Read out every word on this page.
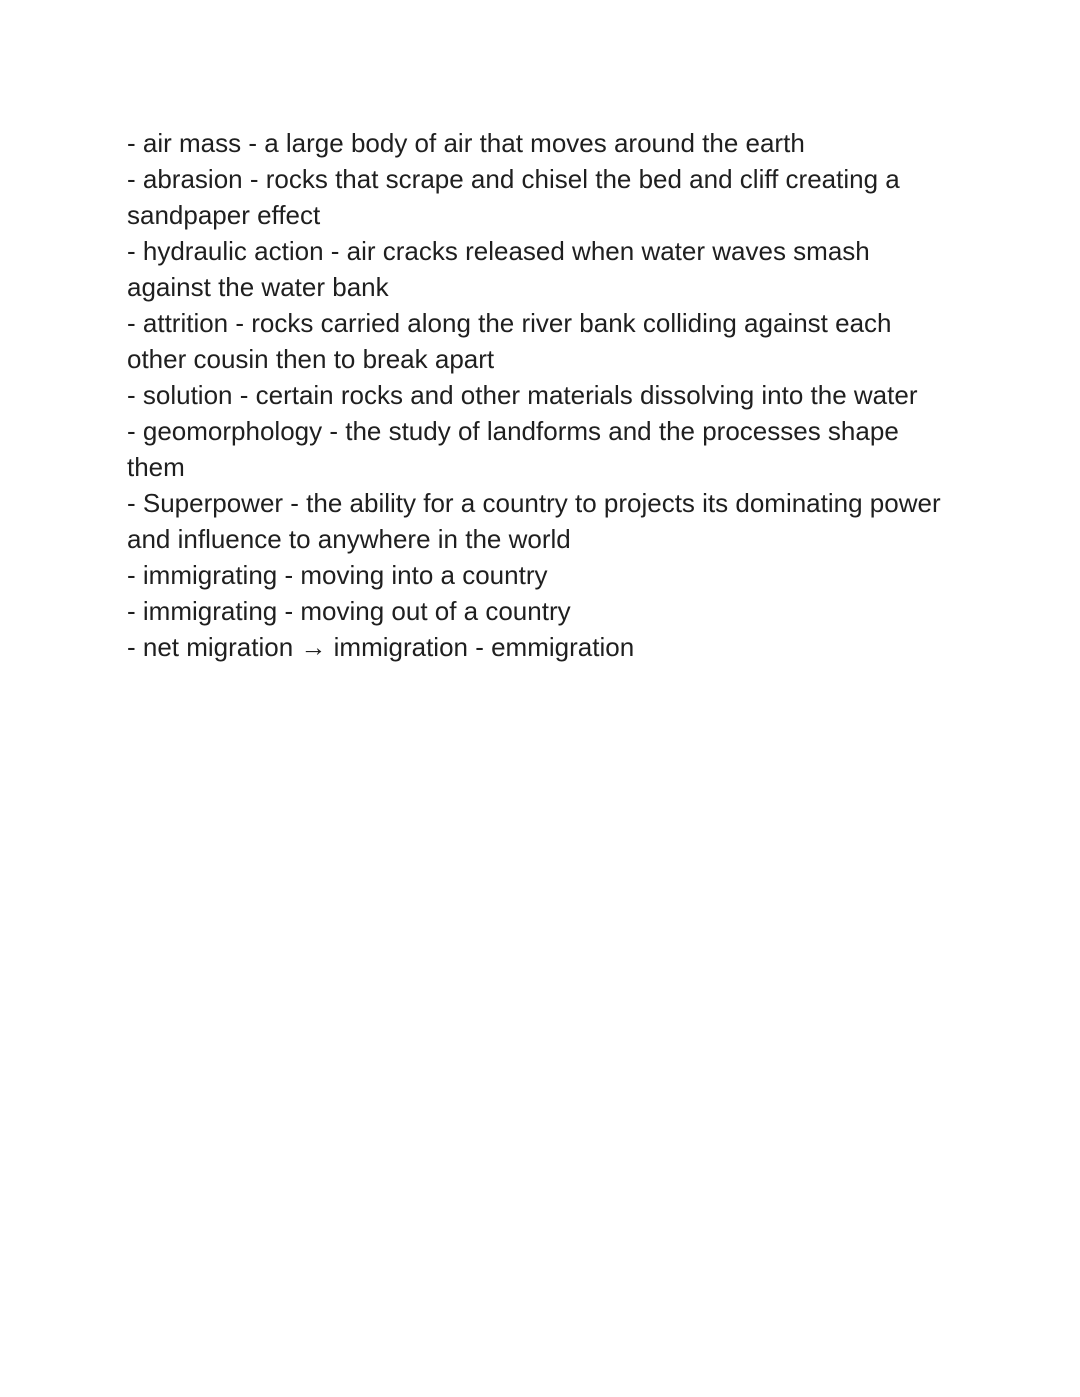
- air mass - a large body of air that moves around the earth
- abrasion - rocks that scrape and chisel the bed and cliff creating a sandpaper effect
- hydraulic action - air cracks released when water waves smash against the water bank
- attrition - rocks carried along the river bank colliding against each other cousin then to break apart
- solution - certain rocks and other materials dissolving into the water
- geomorphology - the study of landforms and the processes shape them
- Superpower - the ability for a country to projects its dominating power and influence to anywhere in the world
- immigrating - moving into a country
- immigrating - moving out of a country
- net migration → immigration - emmigration
